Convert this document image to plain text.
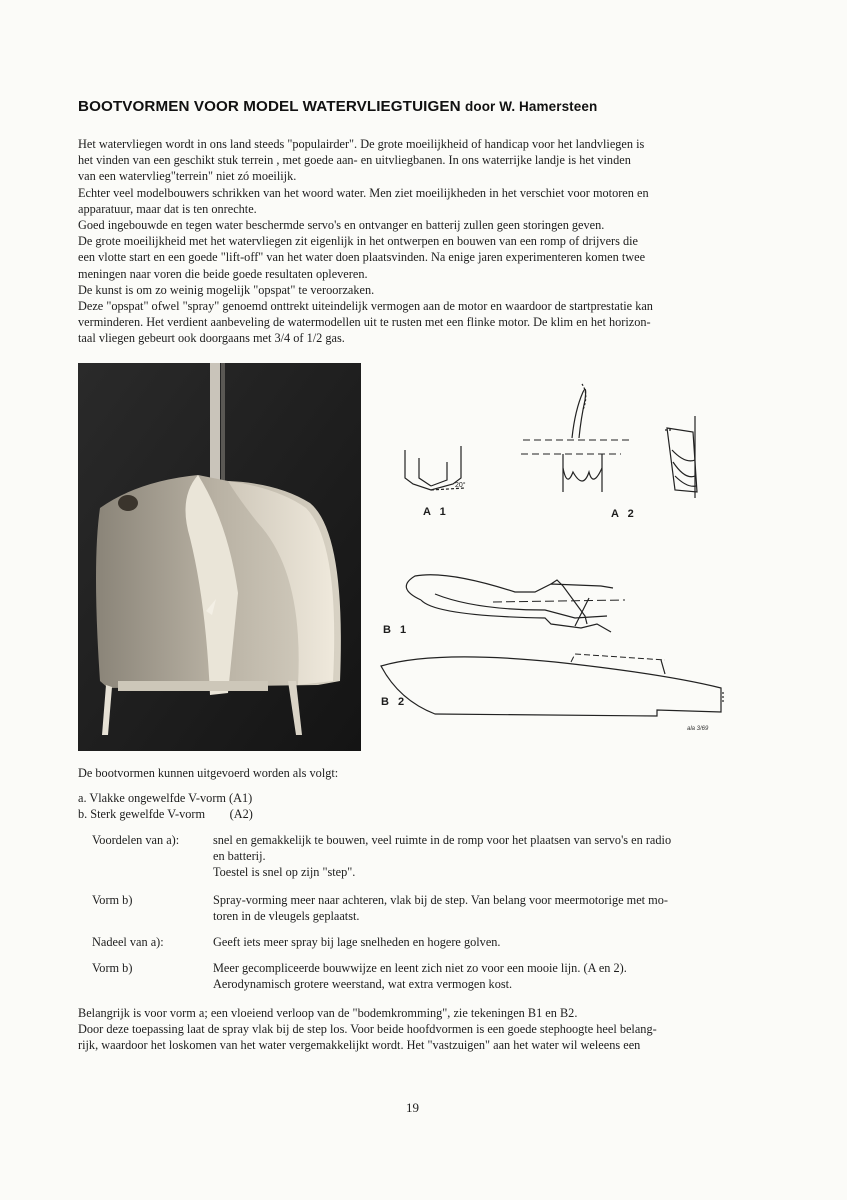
BOOTVORMEN VOOR MODEL WATERVLIEGTUIGEN door W. Hamersteen
Het watervliegen wordt in ons land steeds "populairder". De grote moeilijkheid of handicap voor het landvliegen is
het vinden van een geschikt stuk terrein , met goede aan- en uitvliegbanen. In ons waterrijke landje is het vinden
van een watervlieg"terrein" niet zó moeilijk.
Echter veel modelbouwers schrikken van het woord water. Men ziet moeilijkheden in het verschiet voor motoren en
apparatuur, maar dat is ten onrechte.
Goed ingebouwde en tegen water beschermde servo's en ontvanger en batterij zullen geen storingen geven.
De grote moeilijkheid met het watervliegen zit eigenlijk in het ontwerpen en bouwen van een romp of drijvers die
een vlotte start en een goede "lift-off" van het water doen plaatsvinden. Na enige jaren experimenteren komen twee
meningen naar voren die beide goede resultaten opleveren.
De kunst is om zo weinig mogelijk "opspat" te veroorzaken.
Deze "opspat" ofwel "spray" genoemd onttrekt uiteindelijk vermogen aan de motor en waardoor de startprestatie kan
verminderen. Het verdient aanbeveling de watermodellen uit te rusten met een flinke motor. De klim en het horizon-
taal vliegen gebeurt ook doorgaans met 3/4 of 1/2 gas.
20°
ala 3/69
A 1	A 2
B 1
B 2
De bootvormen kunnen uitgevoerd worden als volgt:
a. Vlakke ongewelfde V-vorm (A1)
b. Sterk gewelfde V-vorm        (A2)
Voordelen van a):	snel en gemakkelijk te bouwen, veel ruimte in de romp voor het plaatsen van servo's en radio
en batterij.
Toestel is snel op zijn "step".
Vorm b)	Spray-vorming meer naar achteren, vlak bij de step. Van belang voor meermotorige met mo-
toren in de vleugels geplaatst.
Nadeel van a):	Geeft iets meer spray bij lage snelheden en hogere golven.
Vorm b)	Meer gecompliceerde bouwwijze en leent zich niet zo voor een mooie lijn. (A en 2).
Aerodynamisch grotere weerstand, wat extra vermogen kost.
Belangrijk is voor vorm a; een vloeiend verloop van de "bodemkromming", zie tekeningen B1 en B2.
Door deze toepassing laat de spray vlak bij de step los. Voor beide hoofdvormen is een goede stephoogte heel belang-
rijk, waardoor het loskomen van het water vergemakkelijkt wordt. Het "vastzuigen" aan het water wil weleens een
19
